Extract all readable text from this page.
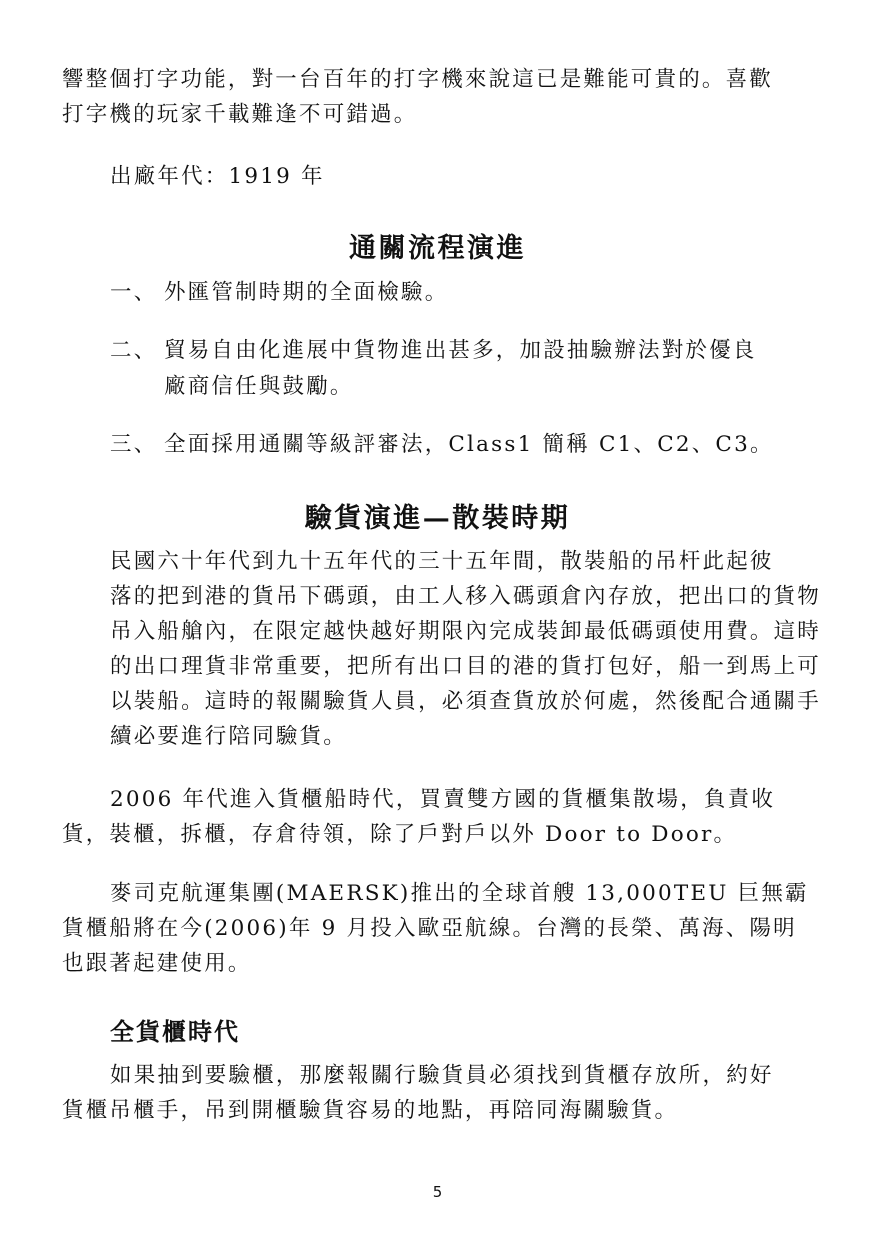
響整個打字功能，對一台百年的打字機來說這已是難能可貴的。喜歡
打字機的玩家千載難逢不可錯過。

出廠年代：1919 年

通關流程演進
一、 外匯管制時期的全面檢驗。
二、 貿易自由化進展中貨物進出甚多，加設抽驗辦法對於優良
廠商信任與鼓勵。
三、 全面採用通關等級評審法，Class1 簡稱 C1、C2、C3。
驗貨演進—散裝時期

民國六十年代到九十五年代的三十五年間，散裝船的吊杆此起彼
落的把到港的貨吊下碼頭，由工人移入碼頭倉內存放，把出口的貨物
吊入船艙內，在限定越快越好期限內完成裝卸最低碼頭使用費。這時
的出口理貨非常重要，把所有出口目的港的貨打包好，船一到馬上可
以裝船。這時的報關驗貨人員，必須查貨放於何處，然後配合通關手
續必要進行陪同驗貨。

2006 年代進入貨櫃船時代，買賣雙方國的貨櫃集散場，負責收
貨，裝櫃，拆櫃，存倉待領，除了戶對戶以外 Door to Door。

麥司克航運集團(MAERSK)推出的全球首艘 13,000TEU 巨無霸
貨櫃船將在今(2006)年 9 月投入歐亞航線。台灣的長榮、萬海、陽明
也跟著起建使用。

全貨櫃時代

如果抽到要驗櫃，那麼報關行驗貨員必須找到貨櫃存放所，約好
貨櫃吊櫃手，吊到開櫃驗貨容易的地點，再陪同海關驗貨。

5
